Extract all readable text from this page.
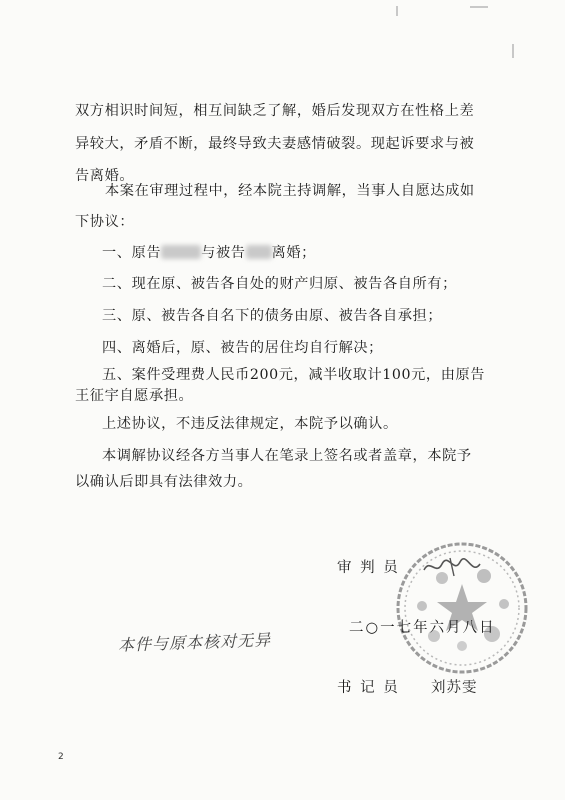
双方相识时间短，相互间缺乏了解，婚后发现双方在性格上差
异较大，矛盾不断，最终导致夫妻感情破裂。现起诉要求与被
告离婚。
本案在审理过程中，经本院主持调解，当事人自愿达成如
下协议：
一、原告	与被告 离婚；
二、现在原、被告各自处的财产归原、被告各自所有；
三、原、被告各自名下的债务由原、被告各自承担；
四、离婚后，原、被告的居住均自行解决；
五、案件受理费人民币200元，减半收取计100元，由原告
王征宇自愿承担。
上述协议，不违反法律规定，本院予以确认。
本调解协议经各方当事人在笔录上签名或者盖章，本院予
以确认后即具有法律效力。
审 判 员
二○一七年六月八日
本件与原本核对无异
书 记 员 刘苏雯
2
